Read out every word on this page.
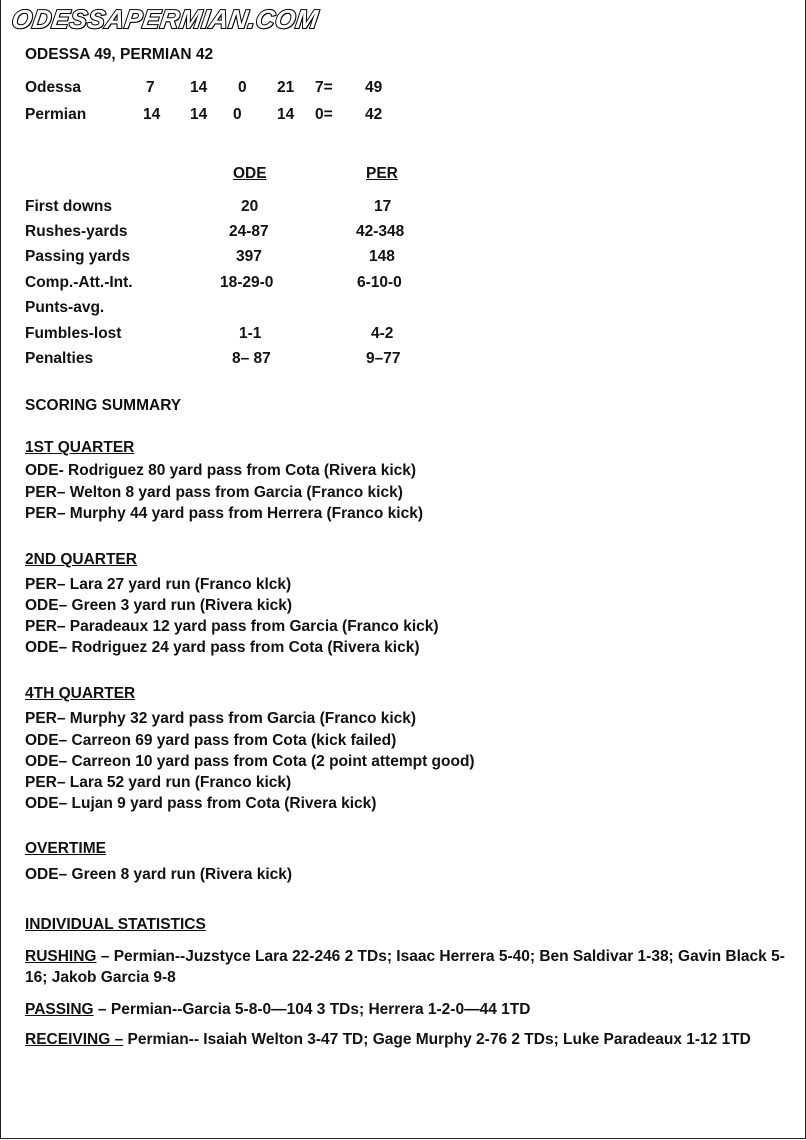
ODESSAPERMIAN.COM
ODESSA 49, PERMIAN 42
Odessa	7 14 0 21 7= 49
Permian	14 14 0 14 0= 42
ODE	PER
First downs	20	17
Rushes-yards	24-87	42-348
Passing yards	397	148
Comp.-Att.-Int.	18-29-0	6-10-0
Punts-avg.
Fumbles-lost	1-1	4-2
Penalties	8– 87	9–77
SCORING SUMMARY
1ST QUARTER
ODE- Rodriguez 80 yard pass from Cota (Rivera kick)
PER– Welton 8 yard pass from Garcia (Franco kick)
PER– Murphy 44 yard pass from Herrera (Franco kick)
2ND QUARTER
PER– Lara 27 yard run (Franco klck)
ODE– Green 3 yard run (Rivera kick)
PER– Paradeaux 12 yard pass from Garcia (Franco kick)
ODE– Rodriguez 24 yard pass from Cota (Rivera kick)
4TH QUARTER
PER– Murphy 32 yard pass from Garcia (Franco kick)
ODE– Carreon 69 yard pass from Cota (kick failed)
ODE– Carreon 10 yard pass from Cota (2 point attempt good)
PER– Lara 52 yard run (Franco kick)
ODE– Lujan 9 yard pass from Cota (Rivera kick)
OVERTIME
ODE– Green 8 yard run (Rivera kick)
INDIVIDUAL STATISTICS
RUSHING – Permian--Juzstyce Lara 22-246 2 TDs; Isaac Herrera 5-40; Ben Saldivar 1-38; Gavin Black 5-16; Jakob Garcia 9-8
PASSING – Permian--Garcia 5-8-0—104 3 TDs; Herrera 1-2-0—44 1TD
RECEIVING – Permian-- Isaiah Welton 3-47 TD; Gage Murphy 2-76 2 TDs; Luke Paradeaux 1-12 1TD
